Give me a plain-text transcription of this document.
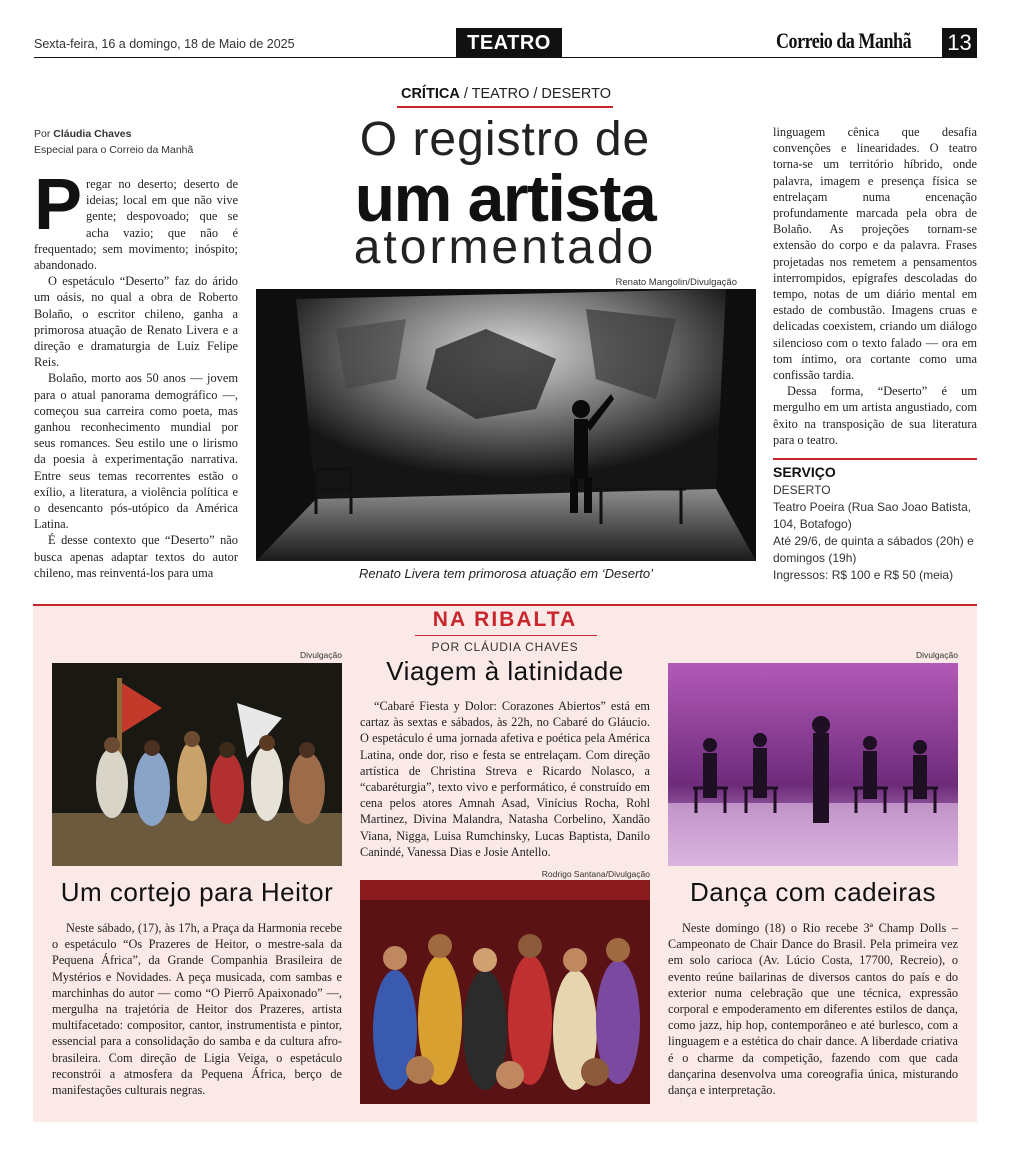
Sexta-feira, 16 a domingo, 18 de Maio de 2025	TEATRO	Correio da Manhã 13
CRÍTICA / TEATRO / DESERTO
O registro de
um artista
atormentado
Por Cláudia Chaves
Especial para o Correio da Manhã

Pregar no deserto; deserto de ideias; local em que não vive gente; despovoado; que se acha vazio; que não é frequentado; sem movimento; inóspito; abandonado.

O espetáculo “Deserto” faz do árido um oásis, no qual a obra de Roberto Bolaño, o escritor chileno, ganha a primorosa atuação de Renato Livera e a direção e dramaturgia de Luiz Felipe Reis.

Bolaño, morto aos 50 anos — jovem para o atual panorama demográfico —, começou sua carreira como poeta, mas ganhou reconhecimento mundial por seus romances. Seu estilo une o lirismo da poesia à experimentação narrativa. Entre seus temas recorrentes estão o exílio, a literatura, a violência política e o desencanto pós-utópico da América Latina.

É desse contexto que “Deserto” não busca apenas adaptar textos do autor chileno, mas reinventá-los para uma

Renato Mangolin/Divulgação
Renato Livera tem primorosa atuação em ‘Deserto’

linguagem cênica que desafia convenções e linearidades. O teatro torna-se um território híbrido, onde palavra, imagem e presença física se entrelaçam numa encenação profundamente marcada pela obra de Bolaño. As projeções tornam-se extensão do corpo e da palavra. Frases projetadas nos remetem a pensamentos interrompidos, epígrafes descoladas do tempo, notas de um diário mental em estado de combustão. Imagens cruas e delicadas coexistem, criando um diálogo silencioso com o texto falado — ora em tom íntimo, ora cortante como uma confissão tardia.

Dessa forma, “Deserto” é um mergulho em um artista angustiado, com êxito na transposição de sua literatura para o teatro.

SERVIÇO
DESERTO
Teatro Poeira (Rua Sao Joao Batista, 104, Botafogo)
Até 29/6, de quinta a sábados (20h) e domingos (19h)
Ingressos: R$ 100 e R$ 50 (meia)
NA RIBALTA
POR CLÁUDIA CHAVES
Divulgação	Divulgação
Rodrigo Santana/Divulgação
Viagem à latinidade
Um cortejo para Heitor	Dança com cadeiras

“Cabaré Fiesta y Dolor: Corazones Abiertos” está em cartaz às sextas e sábados, às 22h, no Cabaré do Gláucio. O espetáculo é uma jornada afetiva e poética pela América Latina, onde dor, riso e festa se entrelaçam. Com direção artística de Christina Streva e Ricardo Nolasco, a “cabaréturgia”, texto vivo e performático, é construído em cena pelos atores Amnah Asad, Vinícius Rocha, Rohl Martinez, Divina Malandra, Natasha Corbelino, Xandão Viana, Nigga, Luisa Rumchinsky, Lucas Baptista, Danilo Canindé, Vanessa Dias e Josie Antello.

Neste sábado, (17), às 17h, a Praça da Harmonia recebe o espetáculo “Os Prazeres de Heitor, o mestre-sala da Pequena África”, da Grande Companhia Brasileira de Mystérios e Novidades. A peça musicada, com sambas e marchinhas do autor — como “O Pierrô Apaixonado” —, mergulha na trajetória de Heitor dos Prazeres, artista multifacetado: compositor, cantor, instrumentista e pintor, essencial para a consolidação do samba e da cultura afro-brasileira. Com direção de Ligia Veiga, o espetáculo reconstrói a atmosfera da Pequena África, berço de manifestações culturais negras.

Neste domingo (18) o Rio recebe 3ª Champ Dolls – Campeonato de Chair Dance do Brasil. Pela primeira vez em solo carioca (Av. Lúcio Costa, 17700, Recreio), o evento reúne bailarinas de diversos cantos do país e do exterior numa celebração que une técnica, expressão corporal e empoderamento em diferentes estilos de dança, como jazz, hip hop, contemporâneo e até burlesco, com a linguagem e a estética do chair dance. A liberdade criativa é o charme da competição, fazendo com que cada dançarina desenvolva uma coreografia única, misturando dança e interpretação.
